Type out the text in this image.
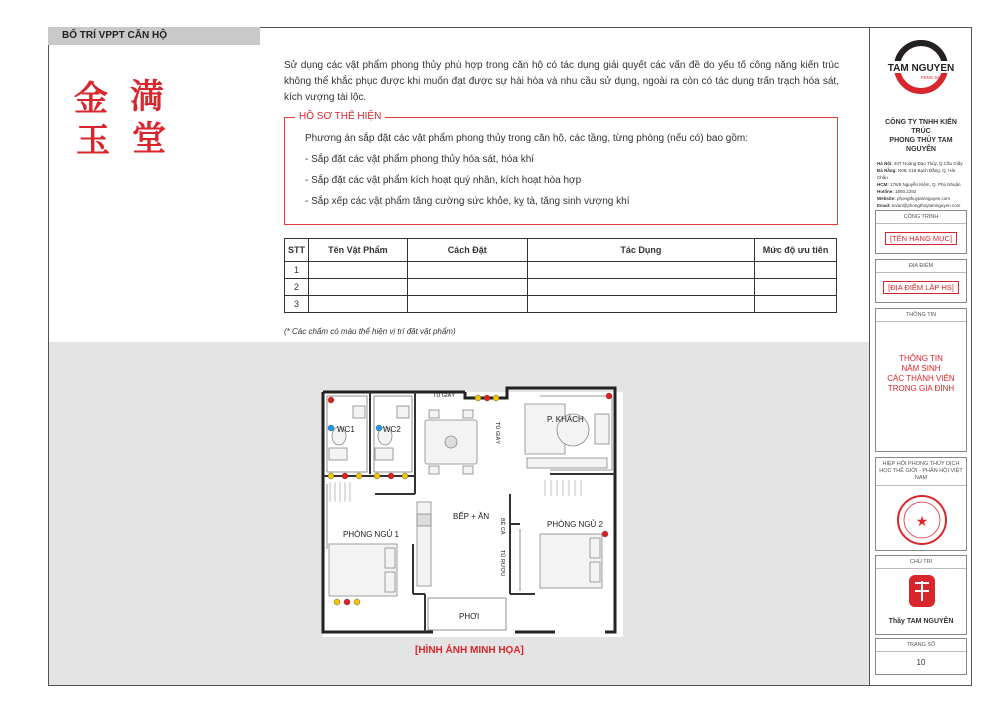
BỐ TRÍ VPPT CĂN HỘ
金 満
玉 堂
Sử dụng các vật phẩm phong thủy phù hợp trong căn hộ có tác dụng giải quyết các vấn đề do yếu tố công năng kiến trúc không thể khắc phục được khi muốn đạt được sự hài hòa và nhu cầu sử dụng, ngoài ra còn có tác dụng trấn trạch hóa sát, kích vượng tài lộc.
HỒ SƠ THỂ HIỆN
Phương án sắp đặt các vật phẩm phong thủy trong căn hộ, các tầng, từng phòng (nếu có) bao gồm:
- Sắp đặt các vật phẩm phong thủy hóa sát, hóa khí
- Sắp đặt các vật phẩm kích hoạt quý nhân, kích hoạt hòa hợp
- Sắp xếp các vật phẩm tăng cường sức khỏe, kỵ tà, tăng sinh vượng khí
STT	Tên Vật Phẩm	Cách Đặt	Tác Dụng	Mức độ ưu tiên
1				
2				
3				
(* Các chấm có màu thể hiện vị trí đặt vật phẩm)
WC1	WC2
TỦ GIÀY
TỦ GIÀY
P. KHÁCH
BẾP + ĂN
BỂ CÁ
TỦ RƯỢU
PHÒNG NGỦ 1
PHÒNG NGỦ 2
PHƠI
[HÌNH ẢNH MINH HỌA]
TAM NGUYEN
FENG SHUI
CÔNG TY TNHH KIẾN TRÚC
PHONG THỦY TAM NGUYÊN
Hà Nội: 34T Hoàng Đạo Thúy, Q.Cầu Giấy
Đà Nẵng: N08, 218 Bạch Đằng, Q. Hải Châu
HCM: 176/5 Nguyễn Kiệm, Q. Phú Nhuận
Hotline: 1800.2292
Website: phongthuytamnguyen.com
Email: tuvan@phongthuytamnguyen.com
CÔNG TRÌNH
[TÊN HẠNG MỤC]
ĐỊA ĐIỂM
[ĐỊA ĐIỂM LẬP HS]
THÔNG TIN
THÔNG TIN
NĂM SINH
CÁC THÀNH VIÊN
TRONG GIA ĐÌNH
HIỆP HỘI PHONG THỦY DỊCH HỌC THẾ GIỚI - PHÂN HỘI VIỆT NAM
★
CHỦ TRÌ
Thầy TAM NGUYÊN
TRANG SỐ
10
